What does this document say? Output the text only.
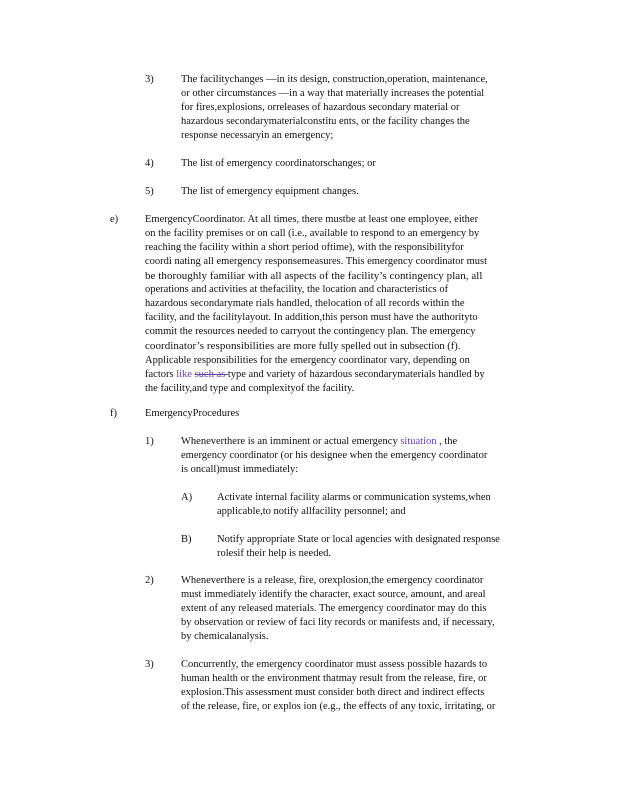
3)	The facilitychanges —in its design, construction,operation, maintenance,
or other circumstances —in a way that materially increases the potential
for fires,explosions, orreleases of hazardous secondary material or
hazardous secondarymaterialconstitu ents, or the facility changes the
response necessaryin an emergency;
4)	The list of emergency coordinatorschanges; or
5)	The list of emergency equipment changes.
e)	EmergencyCoordinator. At all times, there mustbe at least one employee, either
on the facility premises or on call (i.e., available to respond to an emergency by
reaching the facility within a short period oftime), with the responsibilityfor
coordi nating all emergency responsemeasures. This emergency coordinator must
be thoroughly familiar with all aspects of the facility’s contingency plan, all
operations and activities at thefacility, the location and characteristics of
hazardous secondarymate rials handled, thelocation of all records within the
facility, and the facilitylayout. In addition,this person must have the authorityto
commit the resources needed to carryout the contingency plan. The emergency
coordinator’s responsibilities are more fully spelled out in subsection (f).
Applicable responsibilities for the emergency coordinator vary, depending on
factors like such as type and variety of hazardous secondarymaterials handled by
the facility,and type and complexityof the facility.
f)	EmergencyProcedures
1)	Wheneverthere is an imminent or actual emergency situation , the
emergency coordinator (or his designee when the emergency coordinator
is oncall)must immediately:
A) Activate internal facility alarms or communication systems,when
applicable,to notify allfacility personnel; and
B) Notify appropriate State or local agencies with designated response
rolesif their help is needed.
2)	Wheneverthere is a release, fire, orexplosion,the emergency coordinator
must immediately identify the character, exact source, amount, and areal
extent of any released materials. The emergency coordinator may do this
by observation or review of faci lity records or manifests and, if necessary,
by chemicalanalysis.
3)	Concurrently, the emergency coordinator must assess possible hazards to
human health or the environment thatmay result from the release, fire, or
explosion.This assessment must consider both direct and indirect effects
of the release, fire, or explos ion (e.g., the effects of any toxic, irritating, or
